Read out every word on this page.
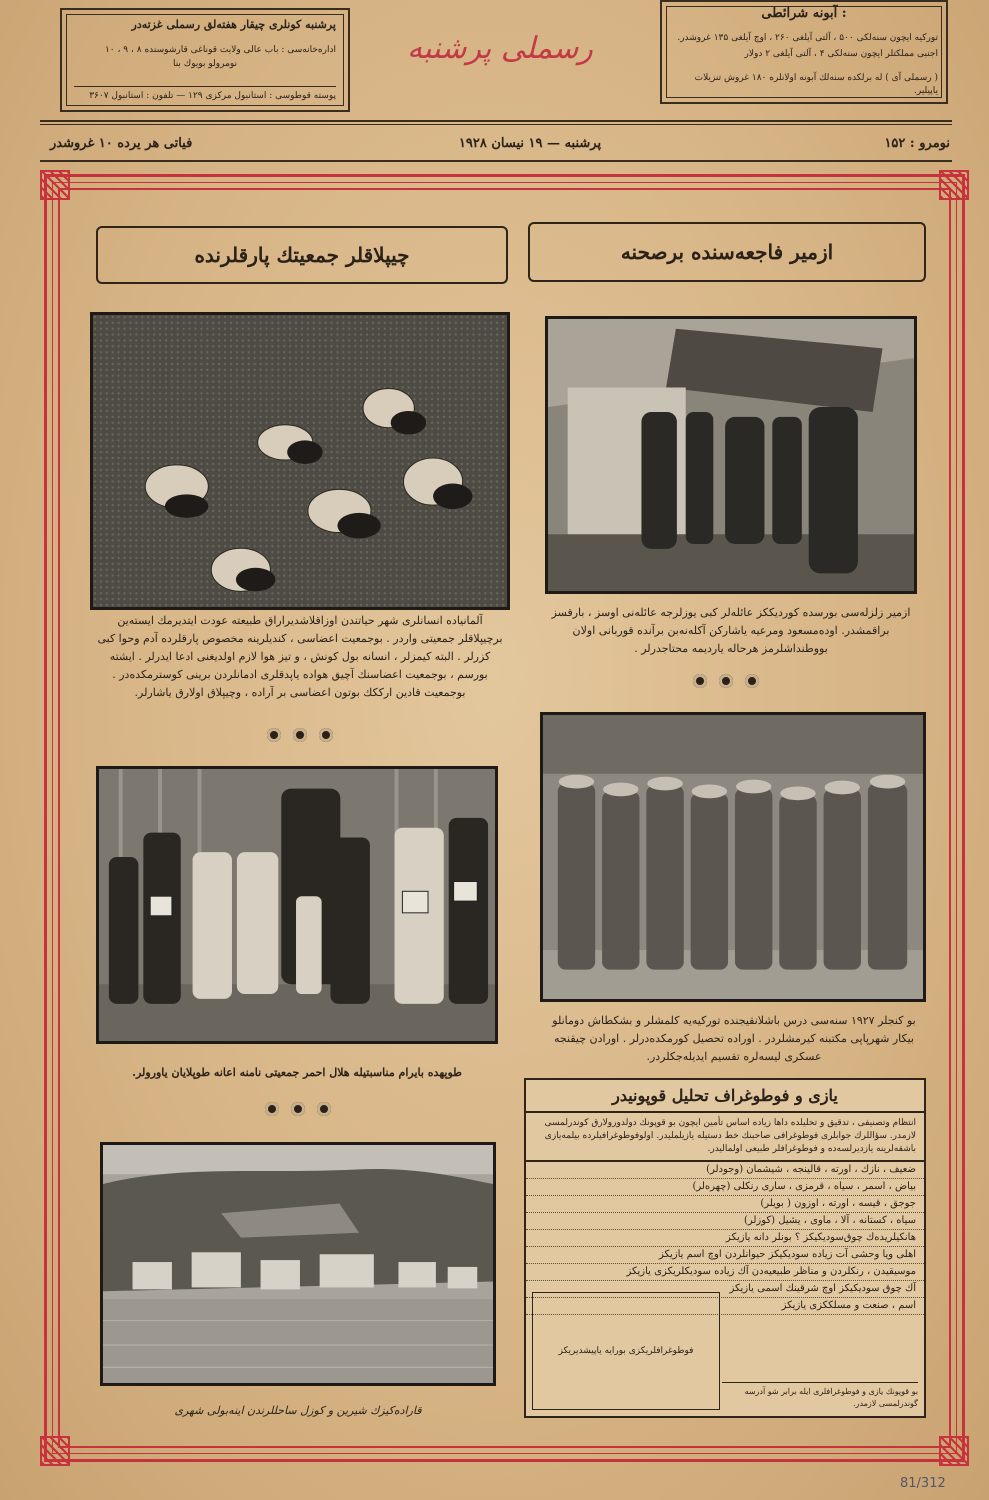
پرشنبه كونلری چیقار هفته‌لق رسملی غزته‌در
اداره‌خانه‌سی : باب عالی ولایت قوناغی قارشوسنده ۸ ، ۹ ، ۱۰
نومرولو بویوك بنا
پوسته قوطوسی : استانبول مركزی ۱۲۹ — تلفون : استانبول ۳۶۰۷
رسملی پرشنبه
آبونه شرائطی :
تورکیه ایچون سنه‌لكی ۵۰۰ ، آلتی آیلغی ۲۶۰ ، اوچ آیلغی ۱۳۵ غروشدر.
اجنبی مملکتلر ایچون سنه‌لكی ۴ ، آلتی آیلغی ۲ دولار
( رسملی آی ) له برلكده سنه‌لك آبونه اولانلره ۱۸۰ غروش تنزیلات یاپیلیر.
نومرو : ۱۵۲
پرشنبه — ۱۹ نیسان ۱۹۲۸
فیاتی هر یرده ۱۰ غروشدر
چیپلاقلر جمعیتك پارقلرنده	ازمیر فاجعه‌سنده برصحنه
آلمانیاده انسانلری شهر حیاتندن اوزاقلاشدیراراق طبیعته عودت ایتدیرمك ایسته‌ین برچیپلاقلر جمعیتی واردر . بوجمعیت اعضاسی ، كندیلرینه مخصوص پارقلرده آدم وحوا كبی كزرلر . البته كیمزلر ، انسانه بول كونش ، و تیز هوا لازم اولدیغنی ادعا ایدرلر . ایشته بورسم ، بوجمعیت اعضاسنك آچیق هواده یاپدقلری ادمانلردن برینی كوستر‌مكده‌در . بوجمعیت قادین ارككك بوتون اعضاسی بر آراده ، وچیپلاق اولارق یاشارلر.
ازمیر زلزله‌سی بورسده كوردیككز عائله‌لر كبی یوزلرجه عائله‌نی اوسز ، بارقسز براقمشدر. اوده‌مسعود ومرعیه یاشاركن آكله‌نه‌بن برآنده قوربانی اولان بووطنداشلرمز هرحاله یاردیمه محتاجدرلر .
طوپهده بایرام مناسبتیله هلال احمر جمعیتی نامنه اعانه طوپلایان یاورولر.
بو كنجلر ۱۹۲۷ سنه‌سی درس باشلانقیجنده توركیه‌یه كلمشلر و بشكطاش دومانلو بیكار شهرپاپی مكتبنه كیرمشلردر . اوراده تحصیل كورمكده‌درلر . اورادن چیقنجه عسكری لیسه‌لره تقسیم ایدیله‌جكلردر.
قاراده‌كیزك شیرین و كوزل ساحللرندن اینه‌بولی شهری
یازی و فوطوغراف تحلیل قوپونیدر
انتظام وتصنیفی ، تدقیق و تحلیلده داها زیاده اساس تأمین ایچون بو قوپونك دولدورولارق كوندرلمسی لازمدر. سؤاللرك جوابلری فوطوغرافی صاحبنك خط دستیله یازیلملیدر. اولوفوطوغرافیلرده بیلمه‌یازی باشقه‌لرینه یازدیرلسه‌ده و فوطوغرافلر طبیعی اولمالیدر.
ضعیف ، نازك ، اورته ، قالینجه ، شیشمان (وجودلر)
بیاض ، اسمر ، سیاه ، قرمزی ، ساری رنكلی (چهره‌لر)
جوجق ، قیسه ، اورته ، اوزون ( بویلر)
سیاه ، كستانه ، آلا ، ماوی ، یشیل (كوزلر)
هانكیلریده‌ك چوق‌سودیكیكز ؟ بونلر دانه یازیكز
اهلی ویا وحشی آت زیاده سودیكیكز حیوانلردن اوچ اسم یازیكز
موسیقیدن ، رنكلردن و مناظر طبیعیه‌دن آك زیاده سودیكلریكزی یازیكز
آك چوق سودیكیكز اوچ شرقینك اسمی یازیكز
اسم ، صنعت و مسلككزی یازیكز
فوطوغرافلریكزی بورایه یاپیشدیریكز
بو قوپونك یازی و فوطوغرافلری ایله برابر شو آدرسه گوندرلمسی لازمدر.
81/312
